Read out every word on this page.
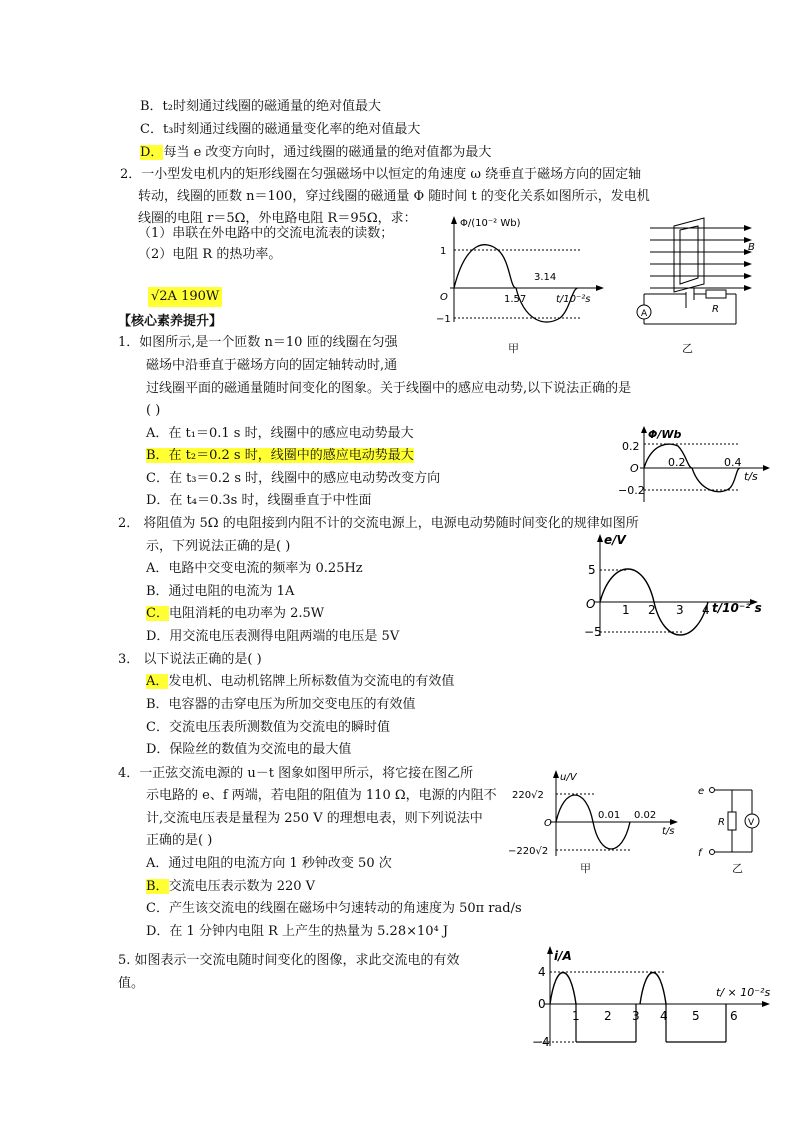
B．t₂时刻通过线圈的磁通量的绝对值最大
C．t₃时刻通过线圈的磁通量变化率的绝对值最大
D．每当 e 改变方向时，通过线圈的磁通量的绝对值都为最大
2．一小型发电机内的矩形线圈在匀强磁场中以恒定的角速度 ω 绕垂直于磁场方向的固定轴
转动，线圈的匝数 n＝100，穿过线圈的磁通量 Φ 随时间 t 的变化关系如图所示，发电机
线圈的电阻 r＝5Ω，外电路电阻 R＝95Ω，求：
（1）串联在外电路中的交流电流表的读数；
（2）电阻 R 的热功率。
√2A 190W
Φ/(10⁻² Wb)
1
−1
O	1.57
3.14
t/10⁻²s
甲
B
A	R
乙
【核心素养提升】
1．如图所示,是一个匝数 n＝10 匝的线圈在匀强
磁场中沿垂直于磁场方向的固定轴转动时,通
过线圈平面的磁通量随时间变化的图象。关于线圈中的感应电动势,以下说法正确的是
( )
A．在 t₁＝0.1 s 时，线圈中的感应电动势最大
B．在 t₂＝0.2 s 时，线圈中的感应电动势最大
C．在 t₃＝0.2 s 时，线圈中的感应电动势改变方向
D．在 t₄＝0.3s 时，线圈垂直于中性面
Φ/Wb
0.2
−0.2
O	0.2	0.4
t/s
2． 将阻值为 5Ω 的电阻接到内阻不计的交流电源上，电源电动势随时间变化的规律如图所
示，下列说法正确的是( )
A．电路中交变电流的频率为 0.25Hz
B．通过电阻的电流为 1A
C．电阻消耗的电功率为 2.5W
D．用交流电压表测得电阻两端的电压是 5V
e/V
5
−5
O 1 2 3 4 t/10⁻² s
3． 以下说法正确的是( )
A．发电机、电动机铭牌上所标数值为交流电的有效值
B．电容器的击穿电压为所加交变电压的有效值
C．交流电压表所测数值为交流电的瞬时值
D．保险丝的数值为交流电的最大值
4．一正弦交流电源的 u－t 图象如图甲所示，将它接在图乙所
示电路的 e、f 两端，若电阻的阻值为 110 Ω，电源的内阻不
计,交流电压表是量程为 250 V 的理想电表，则下列说法中
正确的是( )
A．通过电阻的电流方向 1 秒钟改变 50 次
B．交流电压表示数为 220 V
C．产生该交流电的线圈在磁场中匀速转动的角速度为 50π rad/s
D．在 1 分钟内电阻 R 上产生的热量为 5.28×10⁴ J
u/V
220√2
−220√2
O
0.01 0.02
t/s
甲
e
f
R	V
乙
5. 如图表示一交流电随时间变化的图像，求此交流电的有效
值。
i/A
4
−4
0
1 2 3 4 5	6
t/ × 10⁻²s
